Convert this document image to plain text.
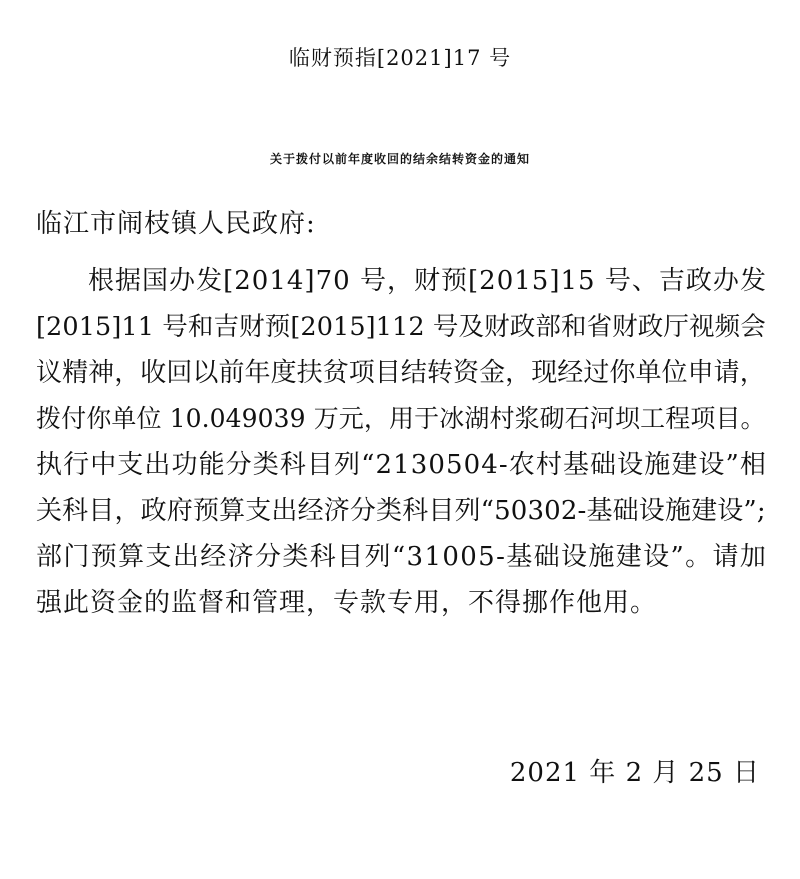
临财预指[2021]17 号
关于拨付以前年度收回的结余结转资金的通知
临江市闹枝镇人民政府:
根 据 国 办 发 [ 2 0 1 4 ] 7 0
号 ， 财 预 [ 2 0 1 5 ] 1 5
号 、 吉 政 办 发
[ 2 0 1 5 ] 1 1
号 和 吉 财 预 [ 2 0 1 5 ] 1 1 2
号 及 财 政 部 和 省 财 政 厅 视 频 会
议 精 神 ， 收 回 以 前 年 度 扶 贫 项 目 结 转 资 金 ， 现 经 过 你 单 位 申 请 ，
拨 付 你 单 位
1 0 . 0 4 9 0 3 9
万 元 ， 用 于 冰 湖 村 浆 砌 石 河 坝 工 程 项 目 。
执 行 中 支 出 功 能 分 类 科 目 列 “ 2 1 3 0 5 0 4 - 农 村 基 础 设 施 建 设 ” 相
关 科 目 ， 政 府 预 算 支 出 经 济 分 类 科 目 列 “ 5 0 3 0 2 - 基 础 设 施 建 设 ” ;
部 门 预 算 支 出 经 济 分 类 科 目 列 “ 3 1 0 0 5 - 基 础 设 施 建 设 ” 。 请 加
强此资金的监督和管理，专款专用，不得挪作他用。
2021 年 2 月 25 日
